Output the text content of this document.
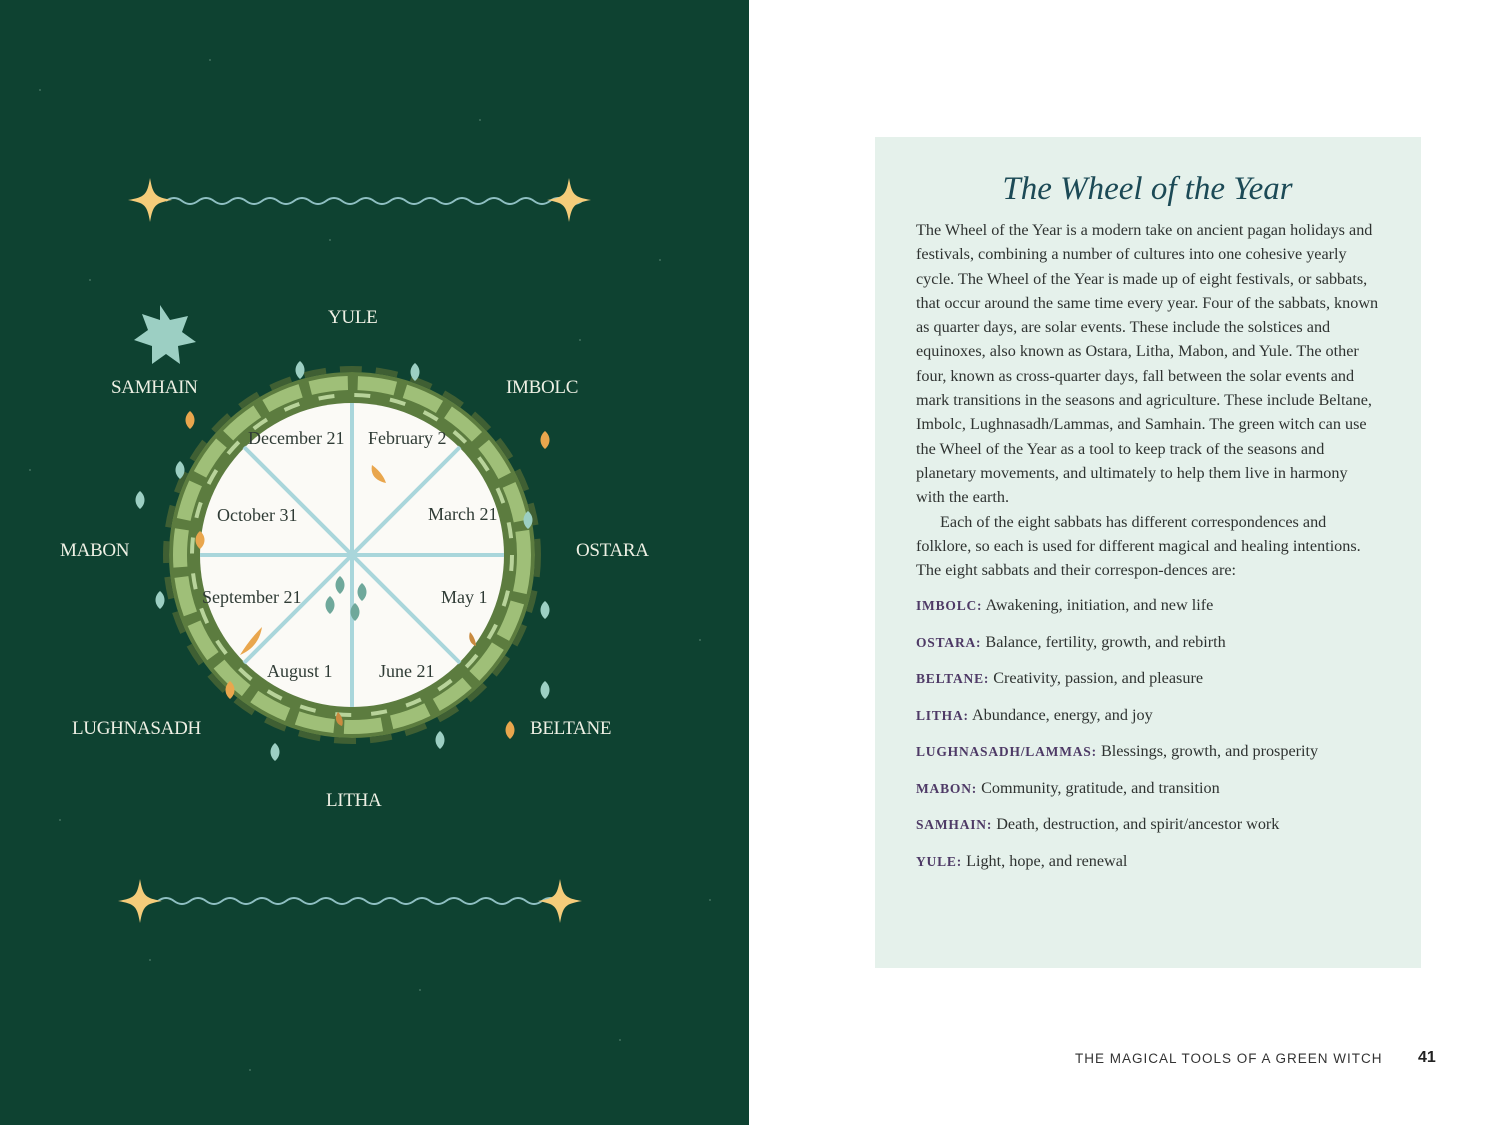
YULE
IMBOLC
OSTARA
BELTANE
LITHA
LUGHNASADH
MABON
SAMHAIN
February 2
March 21
May 1
June 21
August 1
September 21
October 31
December 21
The Wheel of the Year

The Wheel of the Year is a modern take on ancient pagan holidays and festivals, combining a number of cultures into one cohesive yearly cycle. The Wheel of the Year is made up of eight festivals, or sabbats, that occur around the same time every year. Four of the sabbats, known as quarter days, are solar events. These include the solstices and equinoxes, also known as Ostara, Litha, Mabon, and Yule. The other four, known as cross-quarter days, fall between the solar events and mark transitions in the seasons and agriculture. These include Beltane, Imbolc, Lughnasadh/Lammas, and Samhain. The green witch can use the Wheel of the Year as a tool to keep track of the seasons and planetary movements, and ultimately to help them live in harmony with the earth.

Each of the eight sabbats has different correspondences and folklore, so each is used for different magical and healing intentions. The eight sabbats and their correspon-dences are:

IMBOLC: Awakening, initiation, and new life
OSTARA: Balance, fertility, growth, and rebirth
BELTANE: Creativity, passion, and pleasure
LITHA: Abundance, energy, and joy
LUGHNASADH/LAMMAS: Blessings, growth, and prosperity
MABON: Community, gratitude, and transition
SAMHAIN: Death, destruction, and spirit/ancestor work
YULE: Light, hope, and renewal
THE MAGICAL TOOLS OF A GREEN WITCH 41
